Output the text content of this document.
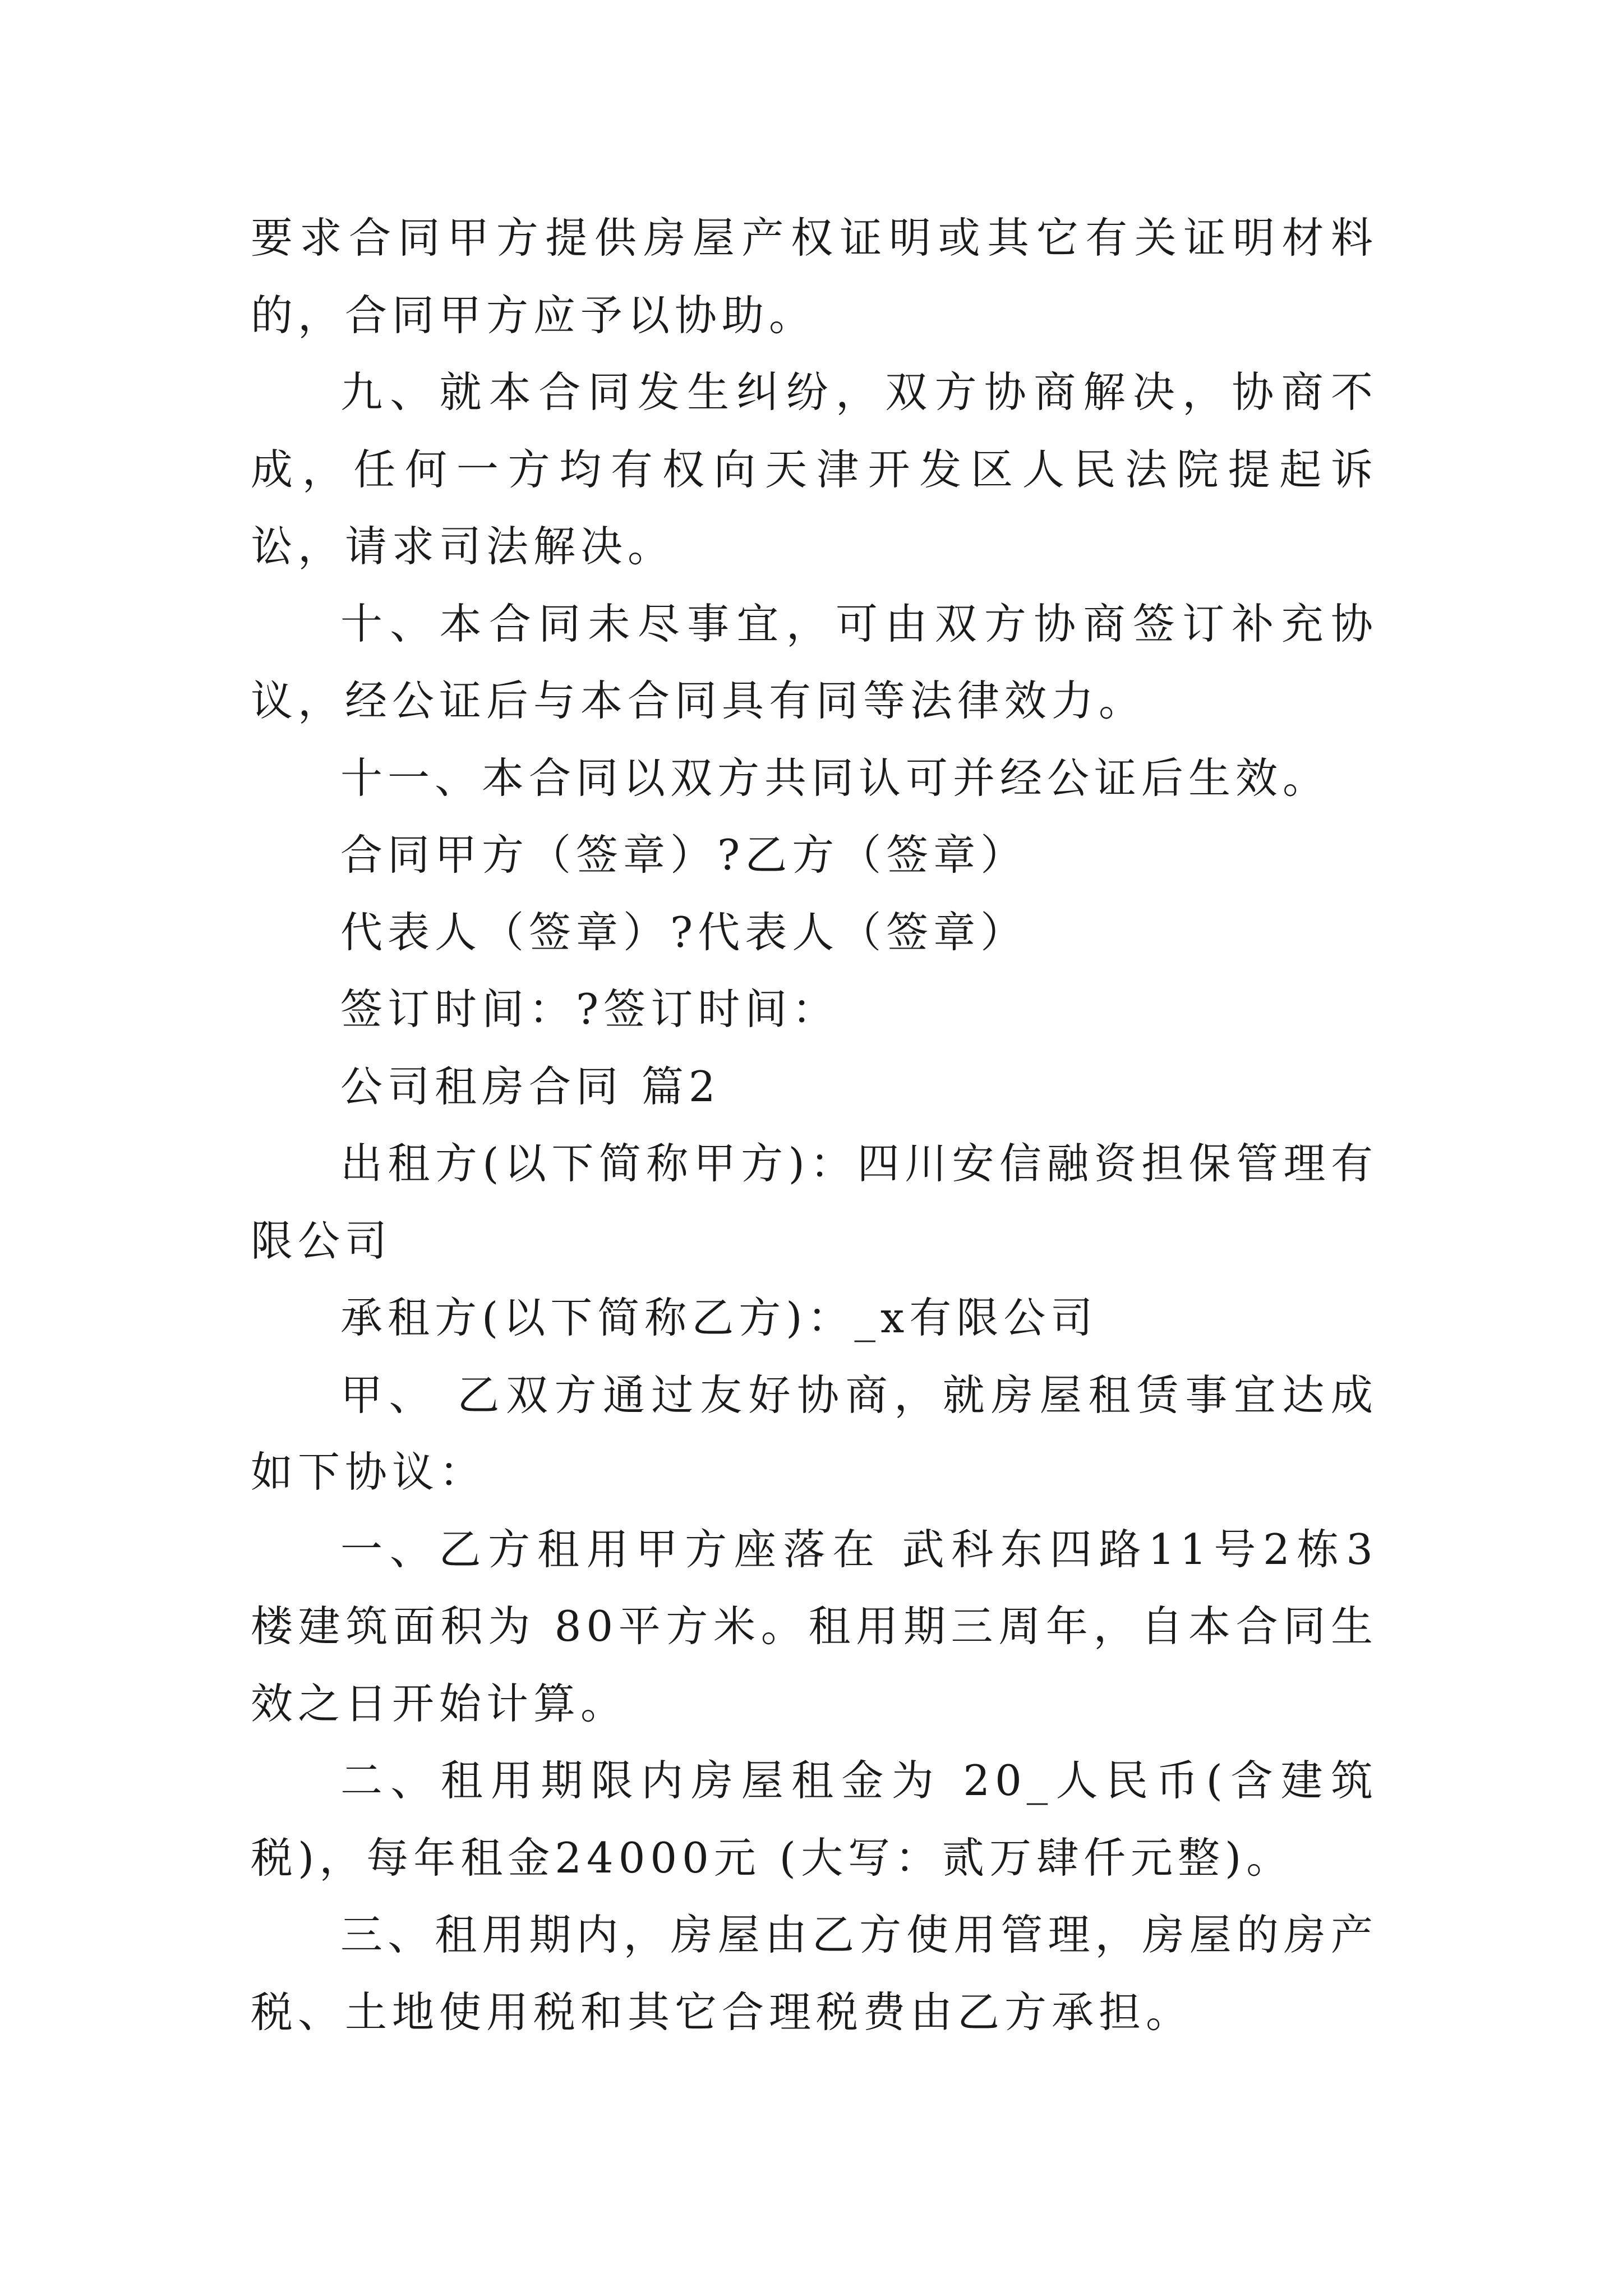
要求合同甲方提供房屋产权证明或其它有关证明材料的，合同甲方应予以协助。

九、就本合同发生纠纷，双方协商解决，协商不成，任何一方均有权向天津开发区人民法院提起诉讼，请求司法解决。

十、本合同未尽事宜，可由双方协商签订补充协议，经公证后与本合同具有同等法律效力。

十一、本合同以双方共同认可并经公证后生效。

合同甲方（签章）?乙方（签章）

代表人（签章）?代表人（签章）

签订时间：?签订时间：

公司租房合同 篇2

出租方(以下简称甲方)：四川安信融资担保管理有限公司

承租方(以下简称乙方)：_x有限公司

甲、 乙双方通过友好协商，就房屋租赁事宜达成如下协议：

一、乙方租用甲方座落在 武科东四路11号2栋3楼建筑面积为 80平方米。租用期三周年，自本合同生效之日开始计算。

二、租用期限内房屋租金为 20_人民币(含建筑税)，每年租金24000元 (大写：贰万肆仟元整)。

三、租用期内，房屋由乙方使用管理，房屋的房产税、土地使用税和其它合理税费由乙方承担。
